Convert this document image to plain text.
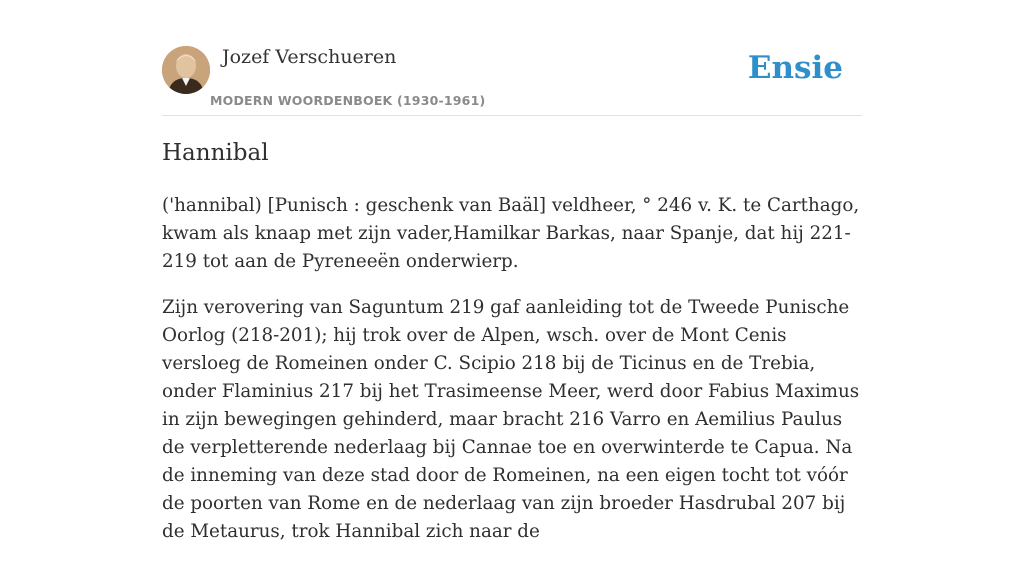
Jozef Verschueren
MODERN WOORDENBOEK (1930-1961)
Ensie
Hannibal

('hannibal) [Punisch : geschenk van Baäl] veldheer, ° 246 v. K. te Carthago, kwam als knaap met zijn vader,Hamilkar Barkas, naar Spanje, dat hij 221-219 tot aan de Pyreneeën onderwierp.

Zijn verovering van Saguntum 219 gaf aanleiding tot de Tweede Punische Oorlog (218-201); hij trok over de Alpen, wsch. over de Mont Cenis versloeg de Romeinen onder C. Scipio 218 bij de Ticinus en de Trebia, onder Flaminius 217 bij het Trasimeense Meer, werd door Fabius Maximus in zijn bewegingen gehinderd, maar bracht 216 Varro en Aemilius Paulus de verpletterende nederlaag bij Cannae toe en overwinterde te Capua. Na de inneming van deze stad door de Romeinen, na een eigen tocht tot vóór de poorten van Rome en de nederlaag van zijn broeder Hasdrubal 207 bij de Metaurus, trok Hannibal zich naar de
